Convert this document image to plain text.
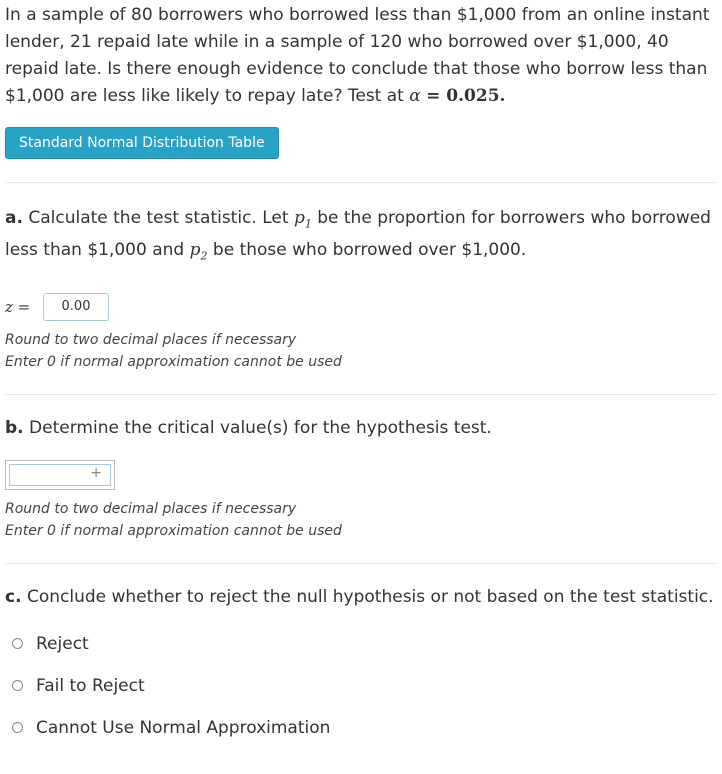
In a sample of 80 borrowers who borrowed less than $1,000 from an online instant lender, 21 repaid late while in a sample of 120 who borrowed over $1,000, 40 repaid late. Is there enough evidence to conclude that those who borrow less than $1,000 are less like likely to repay late? Test at α = 0.025.

Standard Normal Distribution Table

a. Calculate the test statistic. Let $p_1$ be the proportion for borrowers who borrowed less than $1,000 and $p_2$ be those who borrowed over $1,000.

z =
0.00
Round to two decimal places if necessary
Enter 0 if normal approximation cannot be used

b. Determine the critical value(s) for the hypothesis test.

+
Round to two decimal places if necessary
Enter 0 if normal approximation cannot be used

c. Conclude whether to reject the null hypothesis or not based on the test statistic.

Reject
Fail to Reject
Cannot Use Normal Approximation
